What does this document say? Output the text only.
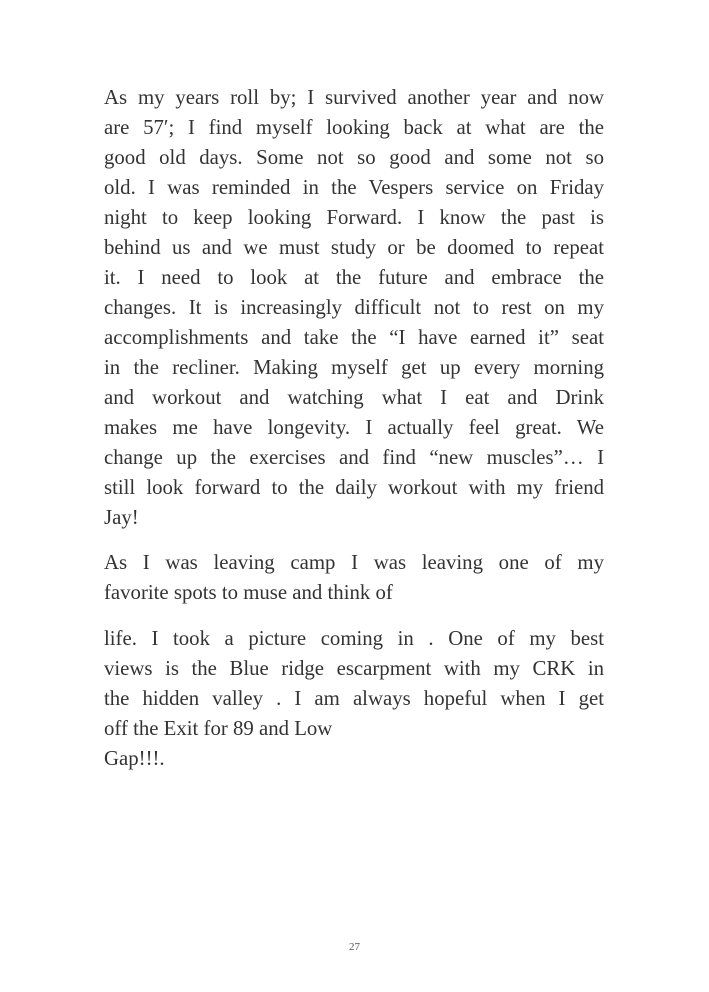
As my years roll by; I survived another year and now
are 57′; I find myself looking back at what are the
good old days. Some not so good and some not so
old. I was reminded in the Vespers service on Friday
night to keep looking Forward. I know the past is
behind us and we must study or be doomed to repeat
it. I need to look at the future and embrace the
changes. It is increasingly difficult not to rest on my
accomplishments and take the “I have earned it” seat
in the recliner. Making myself get up every morning
and workout and watching what I eat and Drink
makes me have longevity. I actually feel great. We
change up the exercises and find “new muscles”… I
still look forward to the daily workout with my friend
Jay!
As I was leaving camp I was leaving one of my
favorite spots to muse and think of
life. I took a picture coming in . One of my best
views is the Blue ridge escarpment with my CRK in
the hidden valley . I am always hopeful when I get
off the Exit for 89 and Low
Gap!!!.
27
